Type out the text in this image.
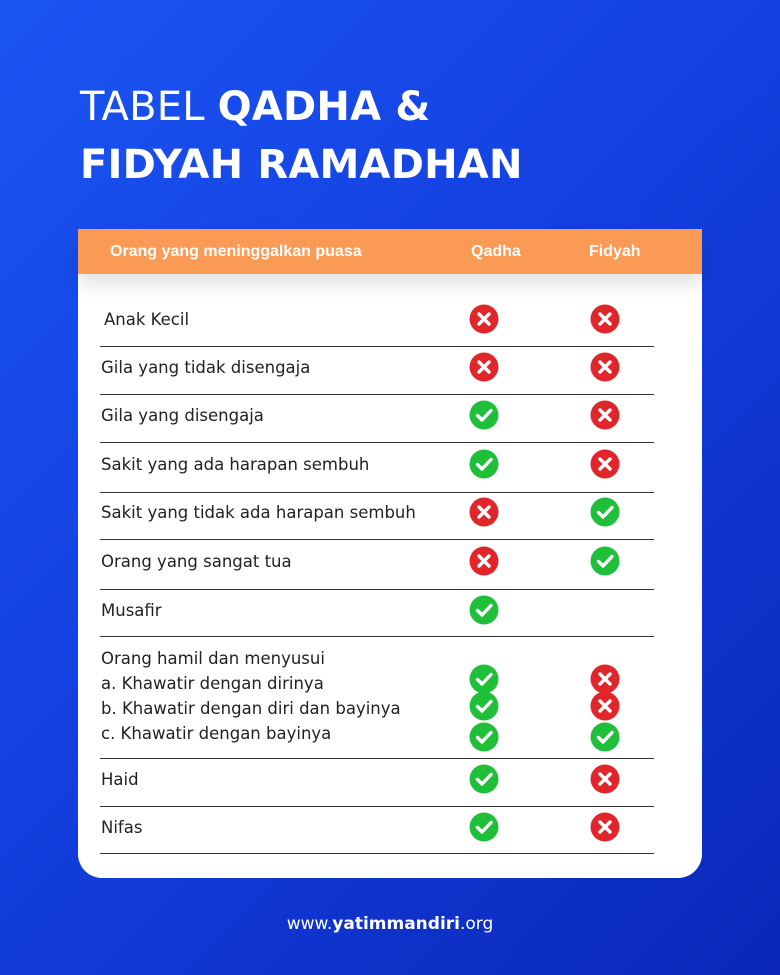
TABEL QADHA &
FIDYAH RAMADHAN
Orang yang meninggalkan puasa	Qadha	Fidyah
Anak Kecil
Gila yang tidak disengaja
Gila yang disengaja
Sakit yang ada harapan sembuh
Sakit yang tidak ada harapan sembuh
Orang yang sangat tua
Musafir
Orang hamil dan menyusui
a. Khawatir dengan dirinya
b. Khawatir dengan diri dan bayinya
c. Khawatir dengan bayinya
Haid
Nifas
www.yatimmandiri.org
